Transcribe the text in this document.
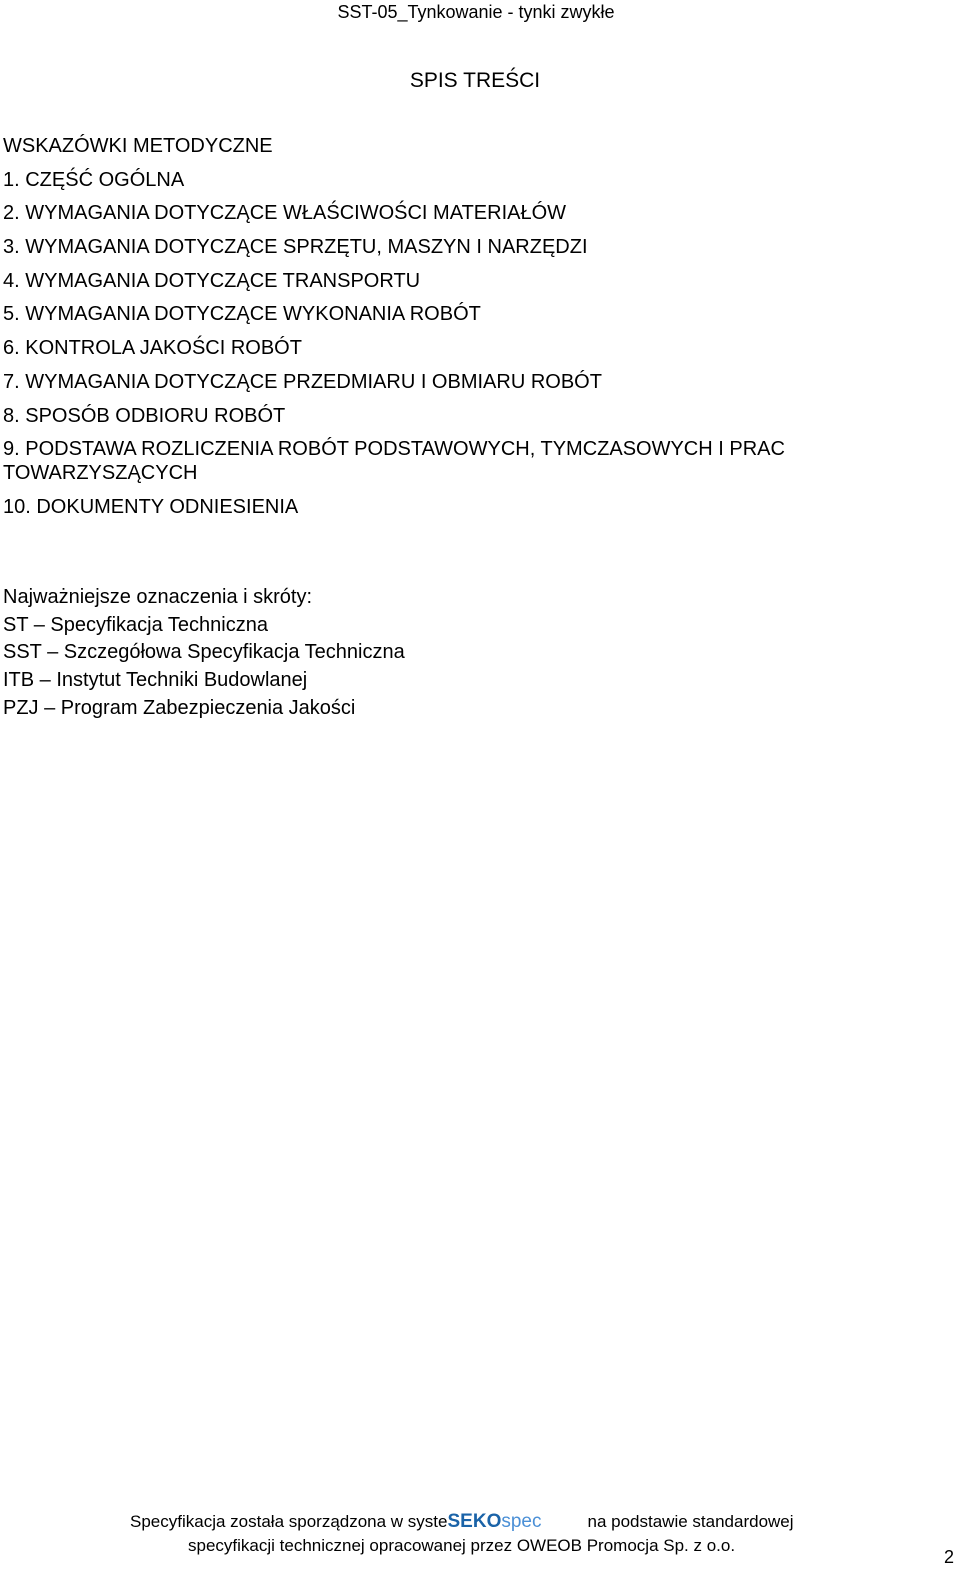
SST-05_Tynkowanie - tynki zwykłe
SPIS TREŚCI
WSKAZÓWKI METODYCZNE
1. CZĘŚĆ OGÓLNA
2. WYMAGANIA DOTYCZĄCE WŁAŚCIWOŚCI MATERIAŁÓW
3. WYMAGANIA DOTYCZĄCE SPRZĘTU, MASZYN I NARZĘDZI
4. WYMAGANIA DOTYCZĄCE TRANSPORTU
5. WYMAGANIA DOTYCZĄCE WYKONANIA ROBÓT
6. KONTROLA JAKOŚCI ROBÓT
7. WYMAGANIA DOTYCZĄCE PRZEDMIARU I OBMIARU ROBÓT
8. SPOSÓB ODBIORU ROBÓT
9. PODSTAWA ROZLICZENIA ROBÓT PODSTAWOWYCH, TYMCZASOWYCH I PRAC TOWARZYSZĄCYCH
10. DOKUMENTY ODNIESIENIA
Najważniejsze oznaczenia i skróty:
ST – Specyfikacja Techniczna
SST – Szczegółowa Specyfikacja Techniczna
ITB – Instytut Techniki Budowlanej
PZJ – Program Zabezpieczenia Jakości
Specyfikacja została sporządzona w systeSEKOspec	na podstawie standardowej
specyfikacji technicznej opracowanej przez OWEOB Promocja Sp. z o.o.
2
